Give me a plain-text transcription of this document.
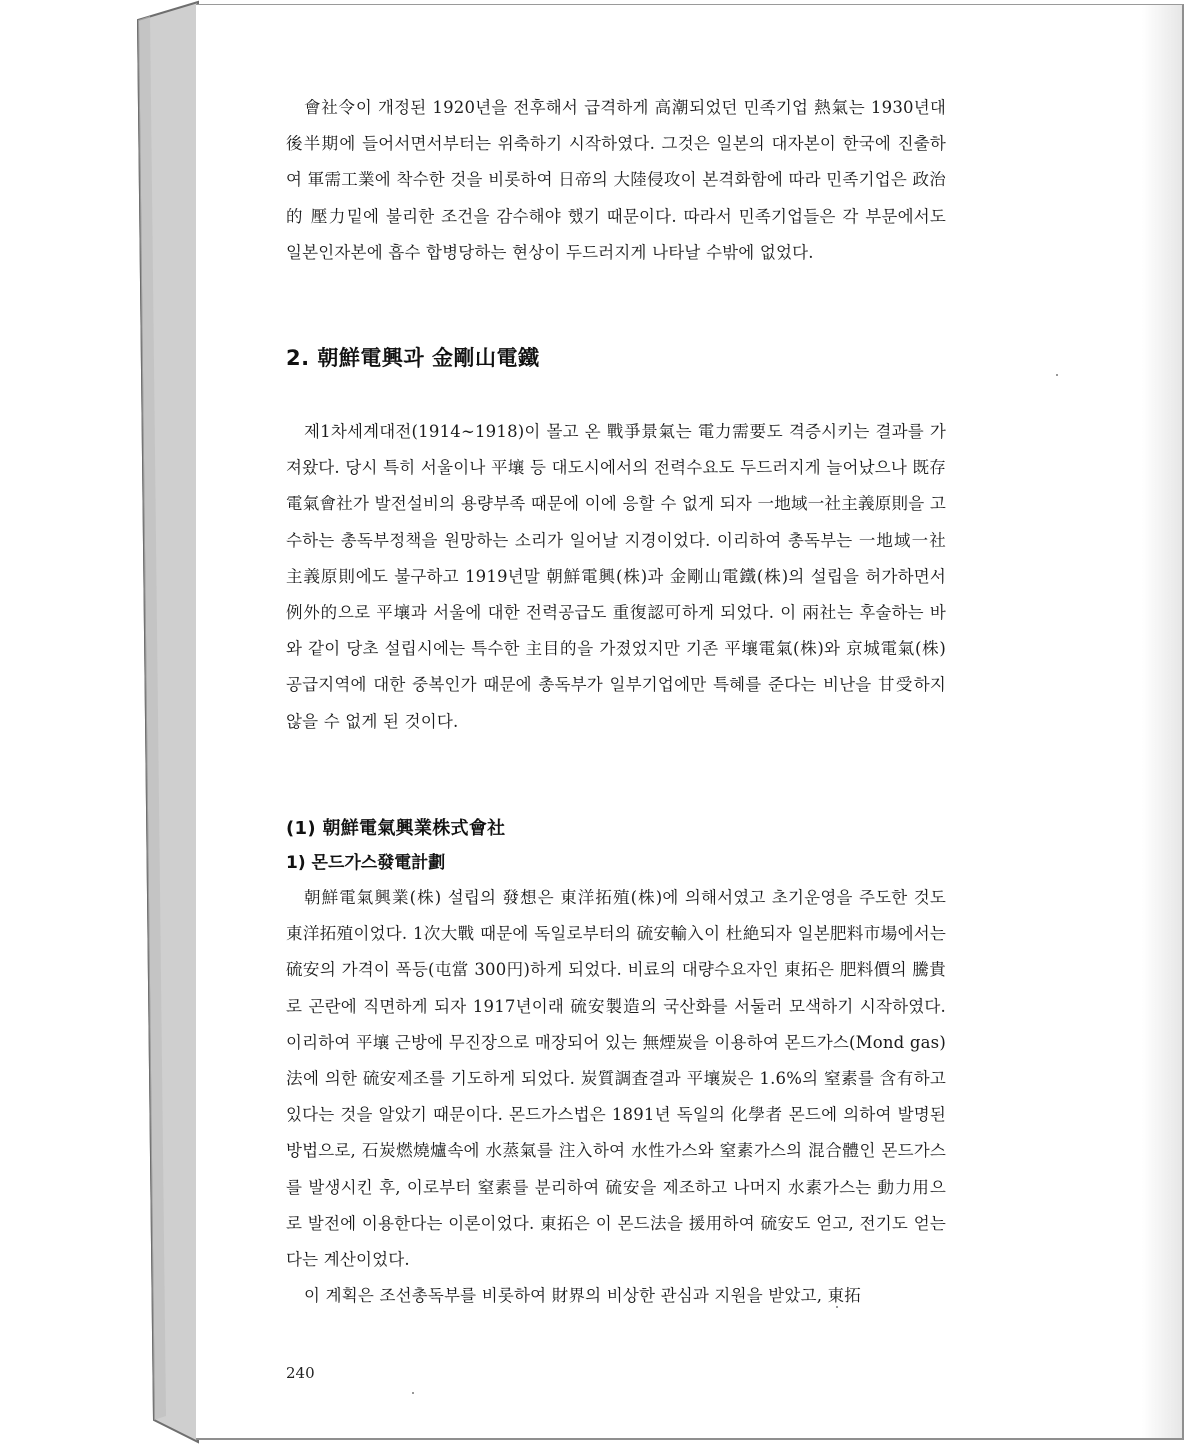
會社令이 개정된 1920년을 전후해서 급격하게 高潮되었던 민족기업 熱氣는 1930년대 後半期에 들어서면서부터는 위축하기 시작하였다. 그것은 일본의 대자본이 한국에 진출하여 軍需工業에 착수한 것을 비롯하여 日帝의 大陸侵攻이 본격화함에 따라 민족기업은 政治的 壓力밑에 불리한 조건을 감수해야 했기 때문이다. 따라서 민족기업들은 각 부문에서도 일본인자본에 흡수 합병당하는 현상이 두드러지게 나타날 수밖에 없었다.

2. 朝鮮電興과 金剛山電鐵

제1차세계대전(1914∼1918)이 몰고 온 戰爭景氣는 電力需要도 격증시키는 결과를 가져왔다. 당시 특히 서울이나 平壤 등 대도시에서의 전력수요도 두드러지게 늘어났으나 既存電氣會社가 발전설비의 용량부족 때문에 이에 응할 수 없게 되자 一地域一社主義原則을 고수하는 총독부정책을 원망하는 소리가 일어날 지경이었다. 이리하여 총독부는 一地域一社主義原則에도 불구하고 1919년말 朝鮮電興(株)과 金剛山電鐵(株)의 설립을 허가하면서 例外的으로 平壤과 서울에 대한 전력공급도 重復認可하게 되었다. 이 兩社는 후술하는 바와 같이 당초 설립시에는 특수한 主目的을 가졌었지만 기존 平壤電氣(株)와 京城電氣(株) 공급지역에 대한 중복인가 때문에 총독부가 일부기업에만 특혜를 준다는 비난을 甘受하지 않을 수 없게 된 것이다.

(1) 朝鮮電氣興業株式會社
1) 몬드가스發電計劃

朝鮮電氣興業(株) 설립의 發想은 東洋拓殖(株)에 의해서였고 초기운영을 주도한 것도 東洋拓殖이었다. 1次大戰 때문에 독일로부터의 硫安輸入이 杜絶되자 일본肥料市場에서는 硫安의 가격이 폭등(屯當 300円)하게 되었다. 비료의 대량수요자인 東拓은 肥料價의 騰貴로 곤란에 직면하게 되자 1917년이래 硫安製造의 국산화를 서둘러 모색하기 시작하였다. 이리하여 平壤 근방에 무진장으로 매장되어 있는 無煙炭을 이용하여 몬드가스(Mond gas)法에 의한 硫安제조를 기도하게 되었다. 炭質調査결과 平壤炭은 1.6%의 窒素를 含有하고 있다는 것을 알았기 때문이다. 몬드가스법은 1891년 독일의 化學者 몬드에 의하여 발명된 방법으로, 石炭燃燒爐속에 水蒸氣를 注入하여 水性가스와 窒素가스의 混合體인 몬드가스를 발생시킨 후, 이로부터 窒素를 분리하여 硫安을 제조하고 나머지 水素가스는 動力用으로 발전에 이용한다는 이론이었다. 東拓은 이 몬드法을 援用하여 硫安도 얻고, 전기도 얻는다는 계산이었다.

이 계획은 조선총독부를 비롯하여 財界의 비상한 관심과 지원을 받았고, 東拓

240
